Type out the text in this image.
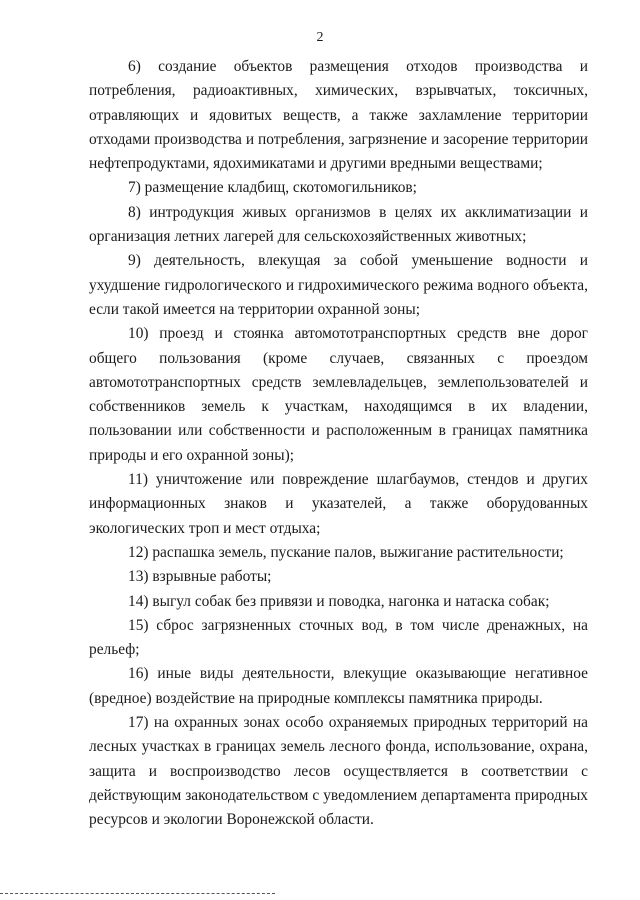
2

6) создание объектов размещения отходов производства и потребления, радиоактивных, химических, взрывчатых, токсичных, отравляющих и ядовитых веществ, а также захламление территории отходами производства и потребления, загрязнение и засорение территории нефтепродуктами, ядохимикатами и другими вредными веществами;

7) размещение кладбищ, скотомогильников;

8) интродукция живых организмов в целях их акклиматизации и организация летних лагерей для сельскохозяйственных животных;

9) деятельность, влекущая за собой уменьшение водности и ухудшение гидрологического и гидрохимического режима водного объекта, если такой имеется на территории охранной зоны;

10) проезд и стоянка автомототранспортных средств вне дорог общего пользования (кроме случаев, связанных с проездом автомототранспортных средств землевладельцев, землепользователей и собственников земель к участкам, находящимся в их владении, пользовании или собственности и расположенным в границах памятника природы и его охранной зоны);

11) уничтожение или повреждение шлагбаумов, стендов и других информационных знаков и указателей, а также оборудованных экологических троп и мест отдыха;

12) распашка земель, пускание палов, выжигание растительности;

13) взрывные работы;

14) выгул собак без привязи и поводка, нагонка и натаска собак;

15) сброс загрязненных сточных вод, в том числе дренажных, на рельеф;

16) иные виды деятельности, влекущие оказывающие негативное (вредное) воздействие на природные комплексы памятника природы.

17) на охранных зонах особо охраняемых природных территорий на лесных участках в границах земель лесного фонда, использование, охрана, защита и воспроизводство лесов осуществляется в соответствии с действующим законодательством с уведомлением департамента природных ресурсов и экологии Воронежской области.
